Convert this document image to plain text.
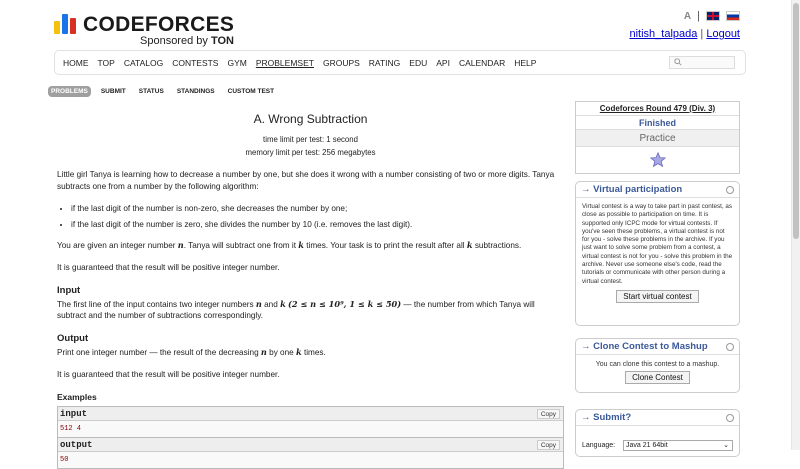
CODEFORCES
Sponsored by TON
A |
nitish_talpada | Logout
HOME TOP CATALOG CONTESTS GYM PROBLEMSET GROUPS RATING EDU API CALENDAR HELP
PROBLEMS	SUBMIT	STATUS	STANDINGS	CUSTOM TEST
A. Wrong Subtraction
time limit per test: 1 second
memory limit per test: 256 megabytes
Little girl Tanya is learning how to decrease a number by one, but she does it wrong with a number consisting of two or more digits. Tanya subtracts one from a number by the following algorithm:
• if the last digit of the number is non-zero, she decreases the number by one;
• if the last digit of the number is zero, she divides the number by 10 (i.e. removes the last digit).
You are given an integer number n. Tanya will subtract one from it k times. Your task is to print the result after all k subtractions.
It is guaranteed that the result will be positive integer number.
Input
The first line of the input contains two integer numbers n and k (2 ≤ n ≤ 10⁹, 1 ≤ k ≤ 50) — the number from which Tanya will subtract and the number of subtractions correspondingly.
Output
Print one integer number — the result of the decreasing n by one k times.
It is guaranteed that the result will be positive integer number.
Examples
input	Copy
512 4
output	Copy
50
Codeforces Round 479 (Div. 3)
Finished
Practice
→ Virtual participation
Virtual contest is a way to take part in past contest, as close as possible to participation on time. It is supported only ICPC mode for virtual contests. If you've seen these problems, a virtual contest is not for you - solve these problems in the archive. If you just want to solve some problem from a contest, a virtual contest is not for you - solve this problem in the archive. Never use someone else's code, read the tutorials or communicate with other person during a virtual contest.
Start virtual contest
→ Clone Contest to Mashup
You can clone this contest to a mashup.
Clone Contest
→ Submit?
Language:	Java 21 64bit	⌄
